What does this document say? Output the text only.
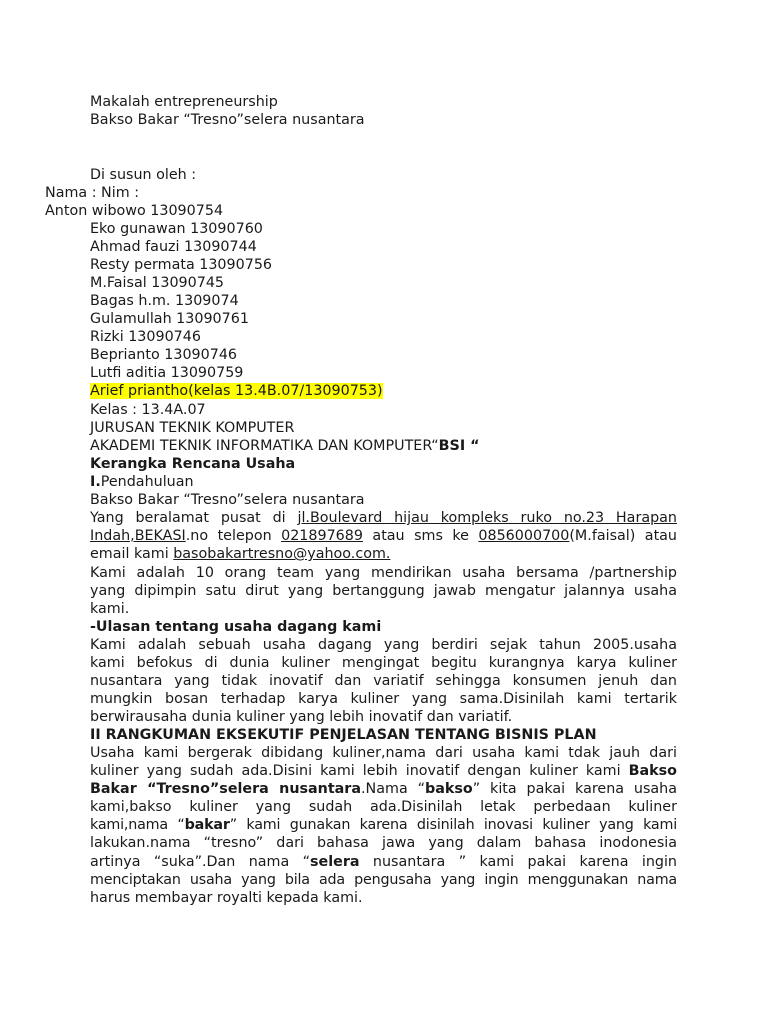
Makalah entrepreneurship
Bakso Bakar “Tresno”selera nusantara
Di susun oleh :
Nama : Nim :
Anton wibowo 13090754
Eko gunawan 13090760
Ahmad fauzi 13090744
Resty permata 13090756
M.Faisal 13090745
Bagas h.m. 1309074
Gulamullah 13090761
Rizki 13090746
Beprianto 13090746
Lutfi aditia 13090759
Arief priantho(kelas 13.4B.07/13090753)
Kelas : 13.4A.07
JURUSAN TEKNIK KOMPUTER
AKADEMI TEKNIK INFORMATIKA DAN KOMPUTER“BSI “
Kerangka Rencana Usaha
I.Pendahuluan
Bakso Bakar “Tresno”selera nusantara
Yang beralamat pusat di jl.Boulevard hijau kompleks ruko no.23 Harapan
Indah,BEKASI.no telepon 021897689 atau sms ke 0856000700(M.faisal) atau
email kami basobakartresno@yahoo.com.
Kami adalah 10 orang team yang mendirikan usaha bersama /partnership
yang dipimpin satu dirut yang bertanggung jawab mengatur jalannya usaha
kami.
-Ulasan tentang usaha dagang kami
Kami adalah sebuah usaha dagang yang berdiri sejak tahun 2005.usaha
kami befokus di dunia kuliner mengingat begitu kurangnya karya kuliner
nusantara yang tidak inovatif dan variatif sehingga konsumen jenuh dan
mungkin bosan terhadap karya kuliner yang sama.Disinilah kami tertarik
berwirausaha dunia kuliner yang lebih inovatif dan variatif.
II RANGKUMAN EKSEKUTIF PENJELASAN TENTANG BISNIS PLAN
Usaha kami bergerak dibidang kuliner,nama dari usaha kami tdak jauh dari
kuliner yang sudah ada.Disini kami lebih inovatif dengan kuliner kami Bakso
Bakar “Tresno”selera nusantara.Nama “bakso” kita pakai karena usaha
kami,bakso kuliner yang sudah ada.Disinilah letak perbedaan kuliner
kami,nama “bakar” kami gunakan karena disinilah inovasi kuliner yang kami
lakukan.nama “tresno” dari bahasa jawa yang dalam bahasa inodonesia
artinya “suka”.Dan nama “selera nusantara ” kami pakai karena ingin
menciptakan usaha yang bila ada pengusaha yang ingin menggunakan nama
harus membayar royalti kepada kami.
